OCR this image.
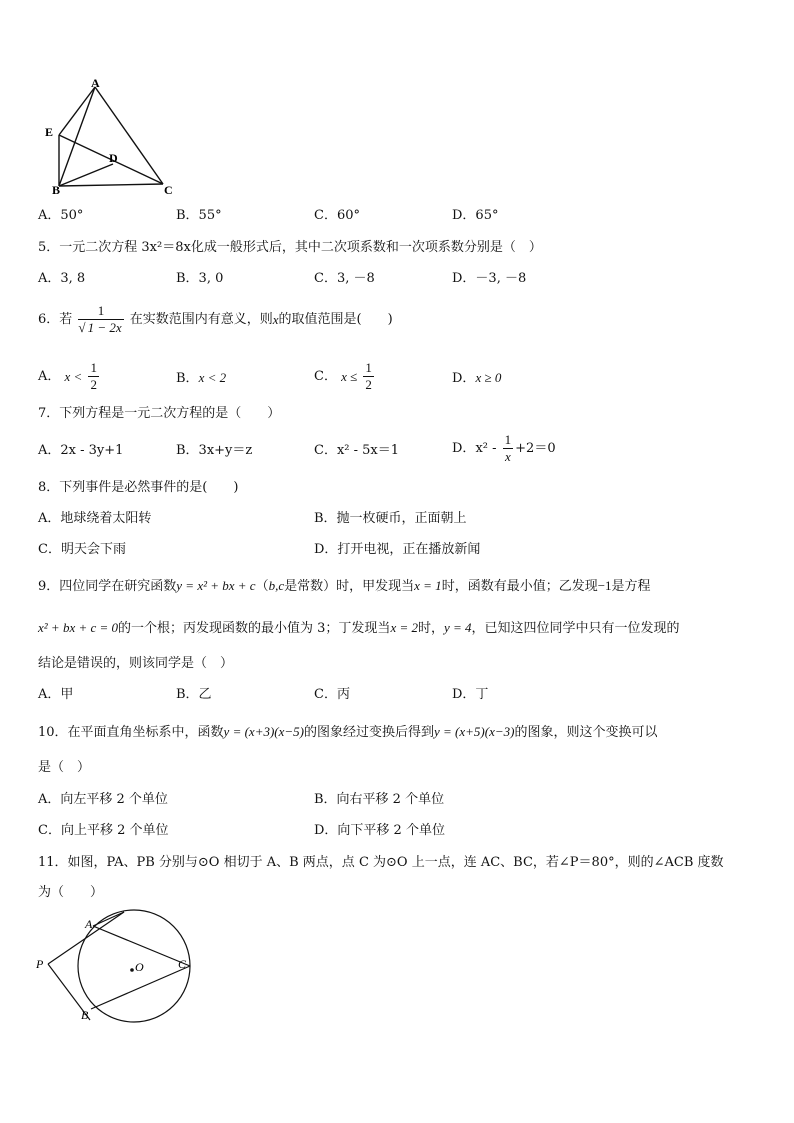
A
E
D
B	C
A．50°	B．55°	C．60°	D．65°
5．一元二次方程 3x²＝8x化成一般形式后，其中二次项系数和一次项系数分别是（　）
A．3, 8	B．3, 0	C．3, －8	D．－3, －8
6．若 $\frac{1}{√ 1 - 2x}$ 在实数范围内有意义，则x的取值范围是(　　)
A． $x < \frac{1}{2}$	B．x < 2	C． $x \le \frac{1}{2}$	D．x ≥ 0
7．下列方程是一元二次方程的是（　　）
A．2x - 3y+1	B．3x+y＝z	C．x² - 5x＝1	D．$x^2 - \frac{1}{x} +2=0$
8．下列事件是必然事件的是(　　)
A．地球绕着太阳转	B．抛一枚硬币，正面朝上
C．明天会下雨	D．打开电视，正在播放新闻
9．四位同学在研究函数y = x² + bx + c（b,c是常数）时，甲发现当x = 1时，函数有最小值；乙发现−1是方程
x² + bx + c = 0的一个根；丙发现函数的最小值为 3；丁发现当x = 2时，y = 4，已知这四位同学中只有一位发现的
结论是错误的，则该同学是（　）
A．甲	B．乙	C．丙	D．丁
10．在平面直角坐标系中，函数y = (x+3)(x−5)的图象经过变换后得到y = (x+5)(x−3)的图象，则这个变换可以
是（　）
A．向左平移 2 个单位	B．向右平移 2 个单位
C．向上平移 2 个单位	D．向下平移 2 个单位
11．如图，PA、PB 分别与⊙O 相切于 A、B 两点，点 C 为⊙O 上一点，连 AC、BC，若∠P＝80°，则的∠ACB 度数
为（　　）
A
P	O	C
B
